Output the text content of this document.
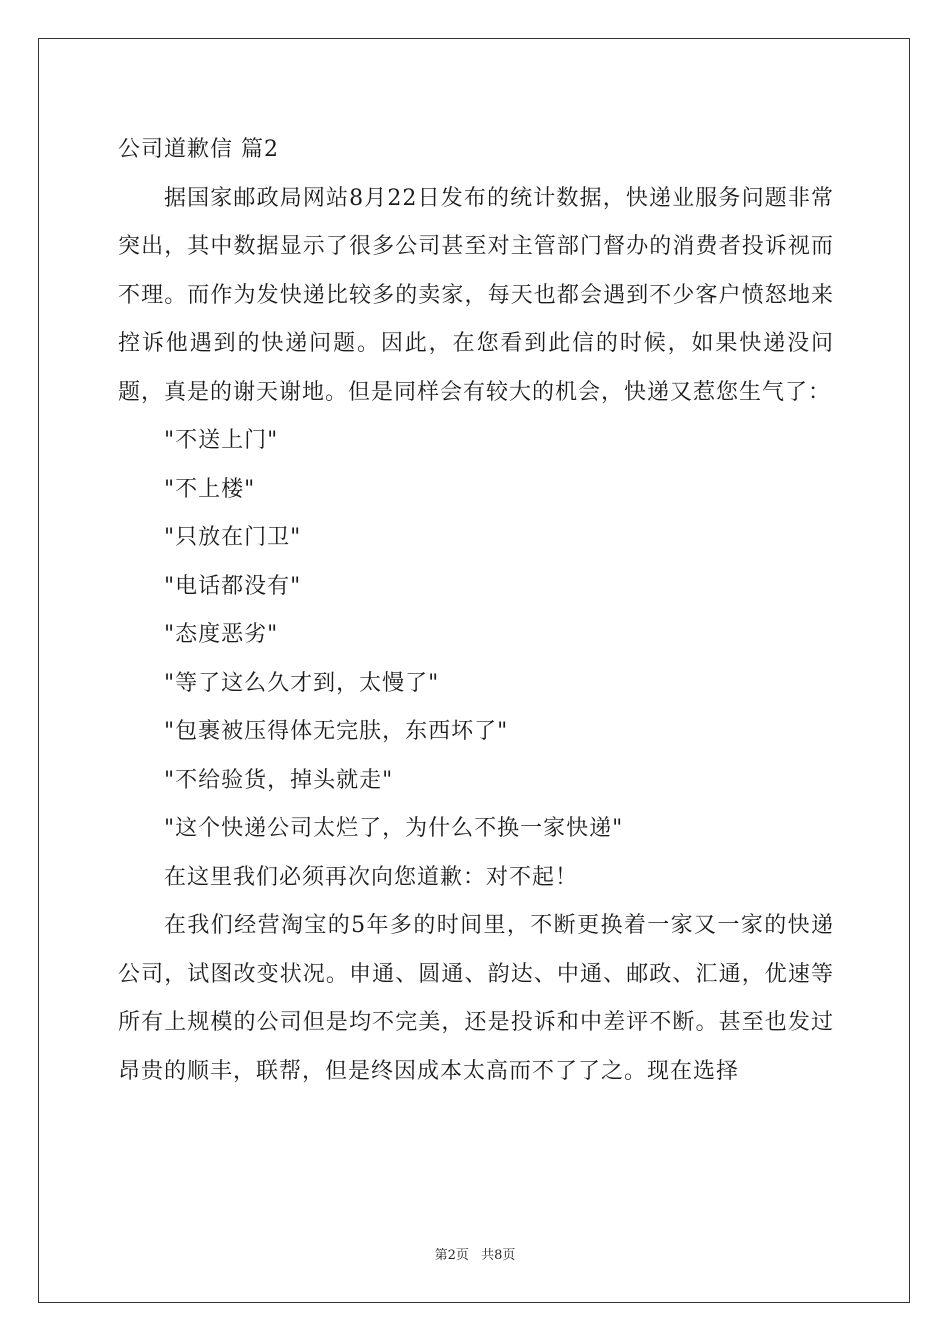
公司道歉信 篇2

据国家邮政局网站8月22日发布的统计数据，快递业服务问题非常突出，其中数据显示了很多公司甚至对主管部门督办的消费者投诉视而不理。而作为发快递比较多的卖家，每天也都会遇到不少客户愤怒地来控诉他遇到的快递问题。因此，在您看到此信的时候，如果快递没问题，真是的谢天谢地。但是同样会有较大的机会，快递又惹您生气了：

"不送上门"

"不上楼"

"只放在门卫"

"电话都没有"

"态度恶劣"

"等了这么久才到，太慢了"

"包裹被压得体无完肤，东西坏了"

"不给验货，掉头就走"

"这个快递公司太烂了，为什么不换一家快递"

在这里我们必须再次向您道歉：对不起！

在我们经营淘宝的5年多的时间里，不断更换着一家又一家的快递公司，试图改变状况。申通、圆通、韵达、中通、邮政、汇通，优速等所有上规模的公司但是均不完美，还是投诉和中差评不断。甚至也发过昂贵的顺丰，联帮，但是终因成本太高而不了了之。现在选择

第2页 共8页
